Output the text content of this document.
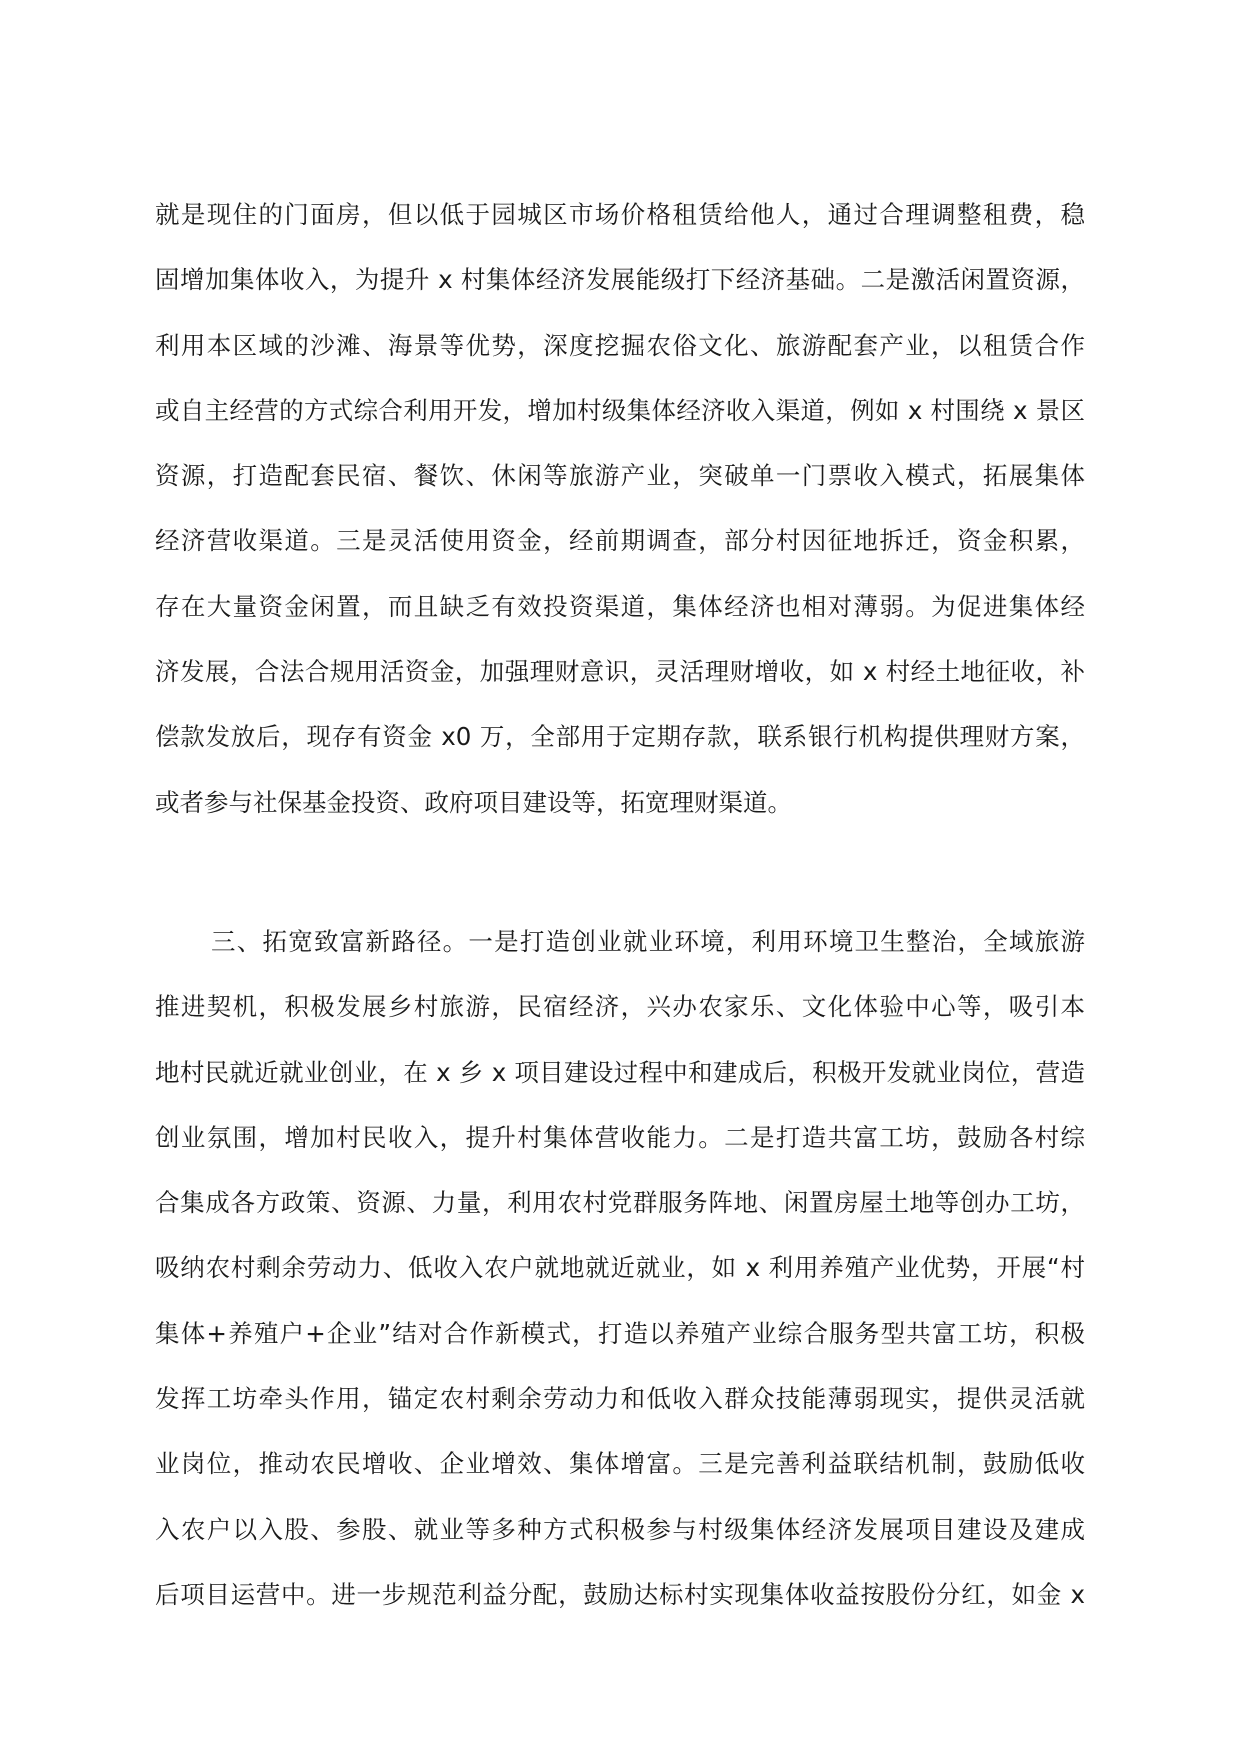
就是现住的门面房，但以低于园城区市场价格租赁给他人，通过合理调整租费，稳
固增加集体收入，为提升 x 村集体经济发展能级打下经济基础。二是激活闲置资源，
利用本区域的沙滩、海景等优势，深度挖掘农俗文化、旅游配套产业，以租赁合作
或自主经营的方式综合利用开发，增加村级集体经济收入渠道，例如 x 村围绕 x 景区
资源，打造配套民宿、餐饮、休闲等旅游产业，突破单一门票收入模式，拓展集体
经济营收渠道。三是灵活使用资金，经前期调查，部分村因征地拆迁，资金积累，
存在大量资金闲置，而且缺乏有效投资渠道，集体经济也相对薄弱。为促进集体经
济发展，合法合规用活资金，加强理财意识，灵活理财增收，如 x 村经土地征收，补
偿款发放后，现存有资金 x0 万，全部用于定期存款，联系银行机构提供理财方案，
或者参与社保基金投资、政府项目建设等，拓宽理财渠道。
三、拓宽致富新路径。一是打造创业就业环境，利用环境卫生整治，全域旅游
推进契机，积极发展乡村旅游，民宿经济，兴办农家乐、文化体验中心等，吸引本
地村民就近就业创业，在 x 乡 x 项目建设过程中和建成后，积极开发就业岗位，营造
创业氛围，增加村民收入，提升村集体营收能力。二是打造共富工坊，鼓励各村综
合集成各方政策、资源、力量，利用农村党群服务阵地、闲置房屋土地等创办工坊，
吸纳农村剩余劳动力、低收入农户就地就近就业，如 x 利用养殖产业优势，开展“村
集体+养殖户+企业”结对合作新模式，打造以养殖产业综合服务型共富工坊，积极
发挥工坊牵头作用，锚定农村剩余劳动力和低收入群众技能薄弱现实，提供灵活就
业岗位，推动农民增收、企业增效、集体增富。三是完善利益联结机制，鼓励低收
入农户以入股、参股、就业等多种方式积极参与村级集体经济发展项目建设及建成
后项目运营中。进一步规范利益分配，鼓励达标村实现集体收益按股份分红，如金 x
